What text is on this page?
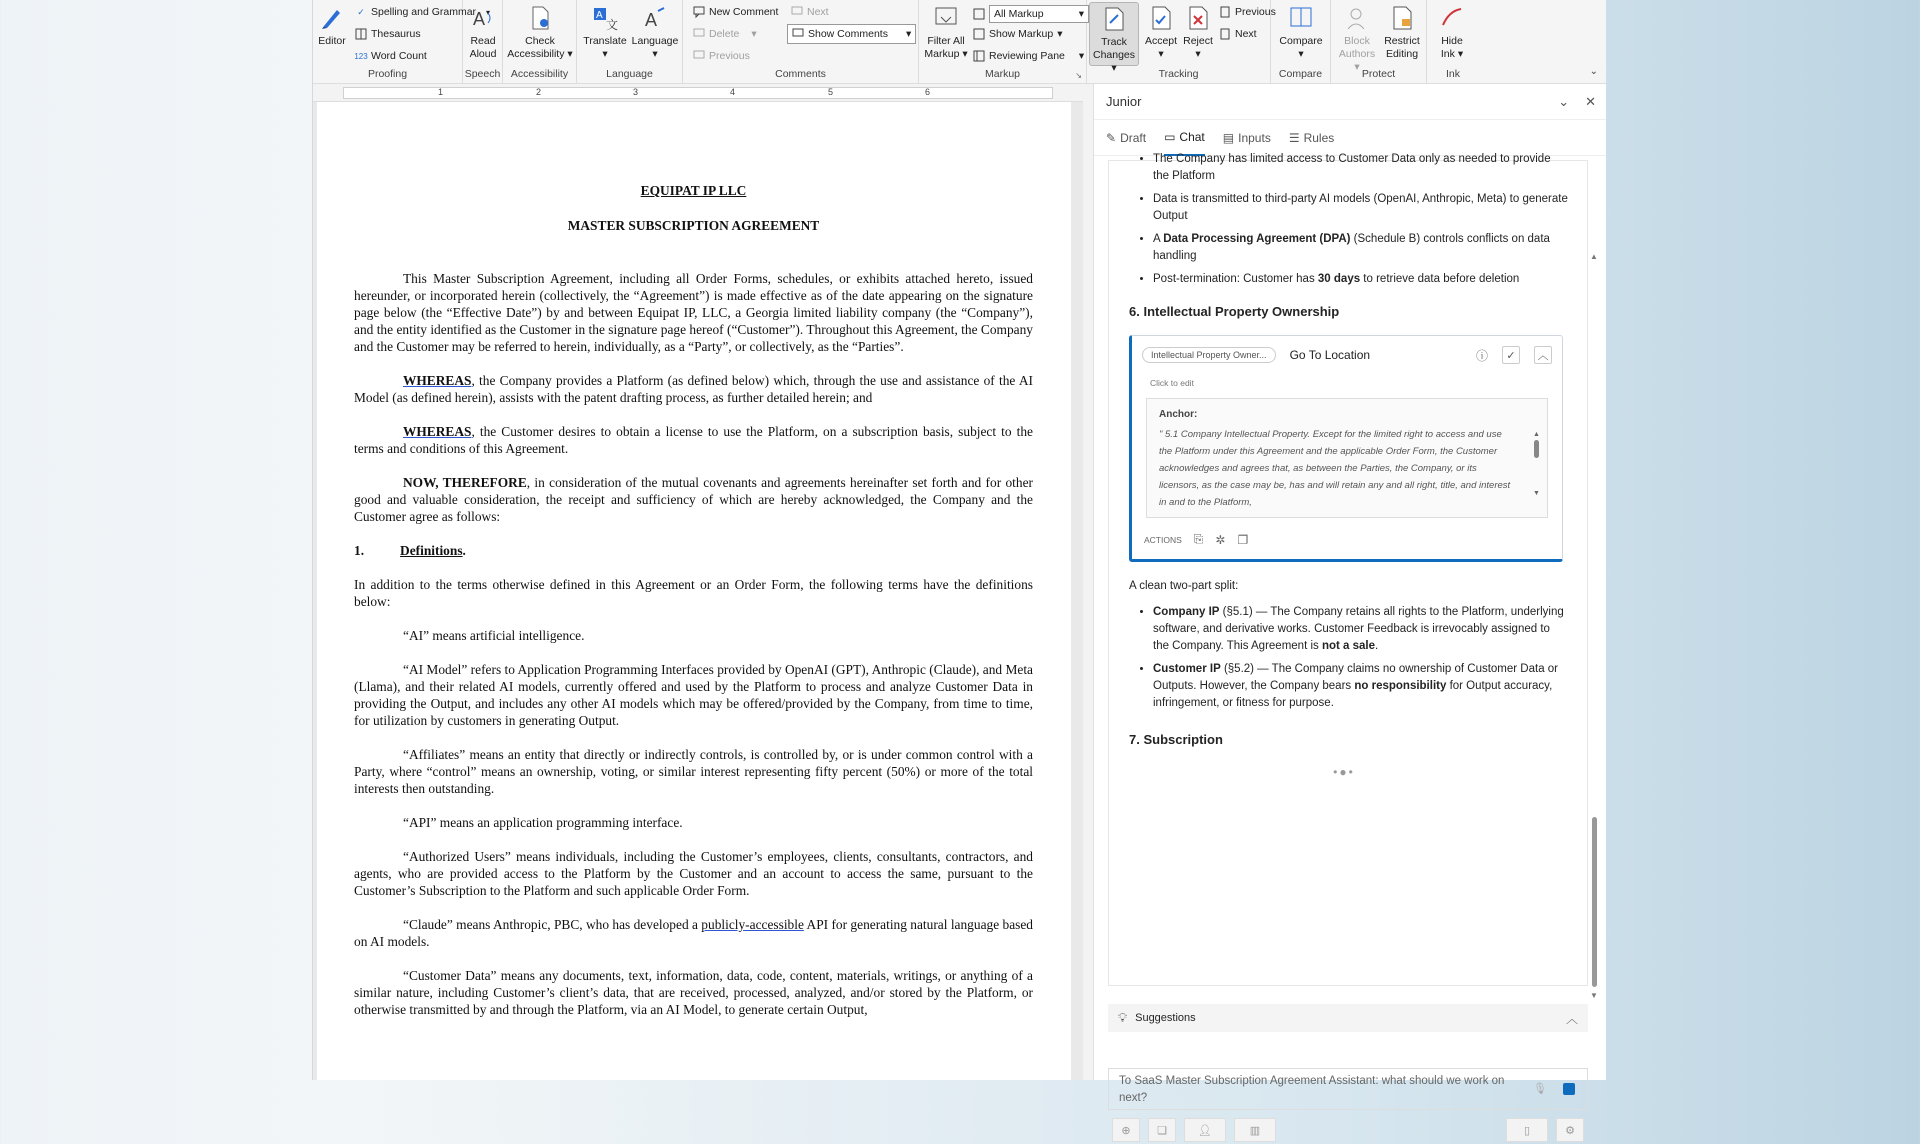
Editor
✓ Spelling and Grammar ▾
Thesaurus
123 Word Count
Proofing
A
Read
Aloud
Speech
Check
Accessibility ▾
Accessibility
A
文
Translate
▾
A
Language
▾
Language
New Comment	Next
Delete ▾	Show Comments ▾
Previous
Comments
Filter All
Markup ▾
All Markup	▾
Show Markup ▾
Reviewing Pane ▾
Markup	↘
Track
Changes ▾
Accept
▾
Reject
▾
Previous
Next
Tracking
Compare
▾
Compare
Block
Authors ▾
Restrict
Editing
Protect
Hide
Ink ▾
Ink	⌄
1	2	3	4	5	6

EQUIPAT IP LLC

MASTER SUBSCRIPTION AGREEMENT

This Master Subscription Agreement, including all Order Forms, schedules, or exhibits attached hereto, issued hereunder, or incorporated herein (collectively, the “Agreement”) is made effective as of the date appearing on the signature page below (the “Effective Date”) by and between Equipat IP, LLC, a Georgia limited liability company (the “Company”), and the entity identified as the Customer in the signature page hereof (“Customer”). Throughout this Agreement, the Company and the Customer may be referred to herein, individually, as a “Party”, or collectively, as the “Parties”.

WHEREAS, the Company provides a Platform (as defined below) which, through the use and assistance of the AI Model (as defined herein), assists with the patent drafting process, as further detailed herein; and

WHEREAS, the Customer desires to obtain a license to use the Platform, on a subscription basis, subject to the terms and conditions of this Agreement.

NOW, THEREFORE, in consideration of the mutual covenants and agreements hereinafter set forth and for other good and valuable consideration, the receipt and sufficiency of which are hereby acknowledged, the Company and the Customer agree as follows:

1.	Definitions.

In addition to the terms otherwise defined in this Agreement or an Order Form, the following terms have the definitions below:

“AI” means artificial intelligence.

“AI Model” refers to Application Programming Interfaces provided by OpenAI (GPT), Anthropic (Claude), and Meta (Llama), and their related AI models, currently offered and used by the Platform to process and analyze Customer Data in providing the Output, and includes any other AI models which may be offered/provided by the Company, from time to time, for utilization by customers in generating Output.

“Affiliates” means an entity that directly or indirectly controls, is controlled by, or is under common control with a Party, where “control” means an ownership, voting, or similar interest representing fifty percent (50%) or more of the total interests then outstanding.

“API” means an application programming interface.

“Authorized Users” means individuals, including the Customer’s employees, clients, consultants, contractors, and agents, who are provided access to the Platform by the Customer and an account to access the same, pursuant to the Customer’s Subscription to the Platform and such applicable Order Form.

“Claude” means Anthropic, PBC, who has developed a publicly-accessible API for generating natural language based on AI models.

“Customer Data” means any documents, text, information, data, code, content, materials, writings, or anything of a similar nature, including Customer’s client’s data, that are received, processed, analyzed, and/or stored by the Platform, or otherwise transmitted by and through the Platform, via an AI Model, to generate certain Output,

Junior	⌄ ✕
✎ Draft ▭ Chat ▤ Inputs ☰ Rules
• The Company has limited access to Customer Data only as needed to provide the Platform
• Data is transmitted to third-party AI models (OpenAI, Anthropic, Meta) to generate Output
• A Data Processing Agreement (DPA) (Schedule B) controls conflicts on data handling
• Post-termination: Customer has 30 days to retrieve data before deletion
6. Intellectual Property Ownership
Intellectual Property Owner...	Go To Location	ⓘ	✓	︿
Click to edit
Anchor:
" 5.1 Company Intellectual Property. Except for the limited right to access and use the Platform under this Agreement and the applicable Order Form, the Customer acknowledges and agrees that, as between the Parties, the Company, or its licensors, as the case may be, has and will retain any and all right, title, and interest in and to the Platform,
▲
▼
ACTIONS ⎘ ✲ ❐

A clean two-part split:

• Company IP (§5.1) — The Company retains all rights to the Platform, underlying software, and derivative works. Customer Feedback is irrevocably assigned to the Company. This Agreement is not a sale.
• Customer IP (§5.2) — The Company claims no ownership of Customer Data or Outputs. However, the Company bears no responsibility for Output accuracy, infringement, or fitness for purpose.
7. Subscription
•●•
▲
▼
💡︎ Suggestions	︿
To SaaS Master Subscription Agreement Assistant: what should we work on next?
🎙︎
⊕	❏	👤︎	▥	▯	⚙
